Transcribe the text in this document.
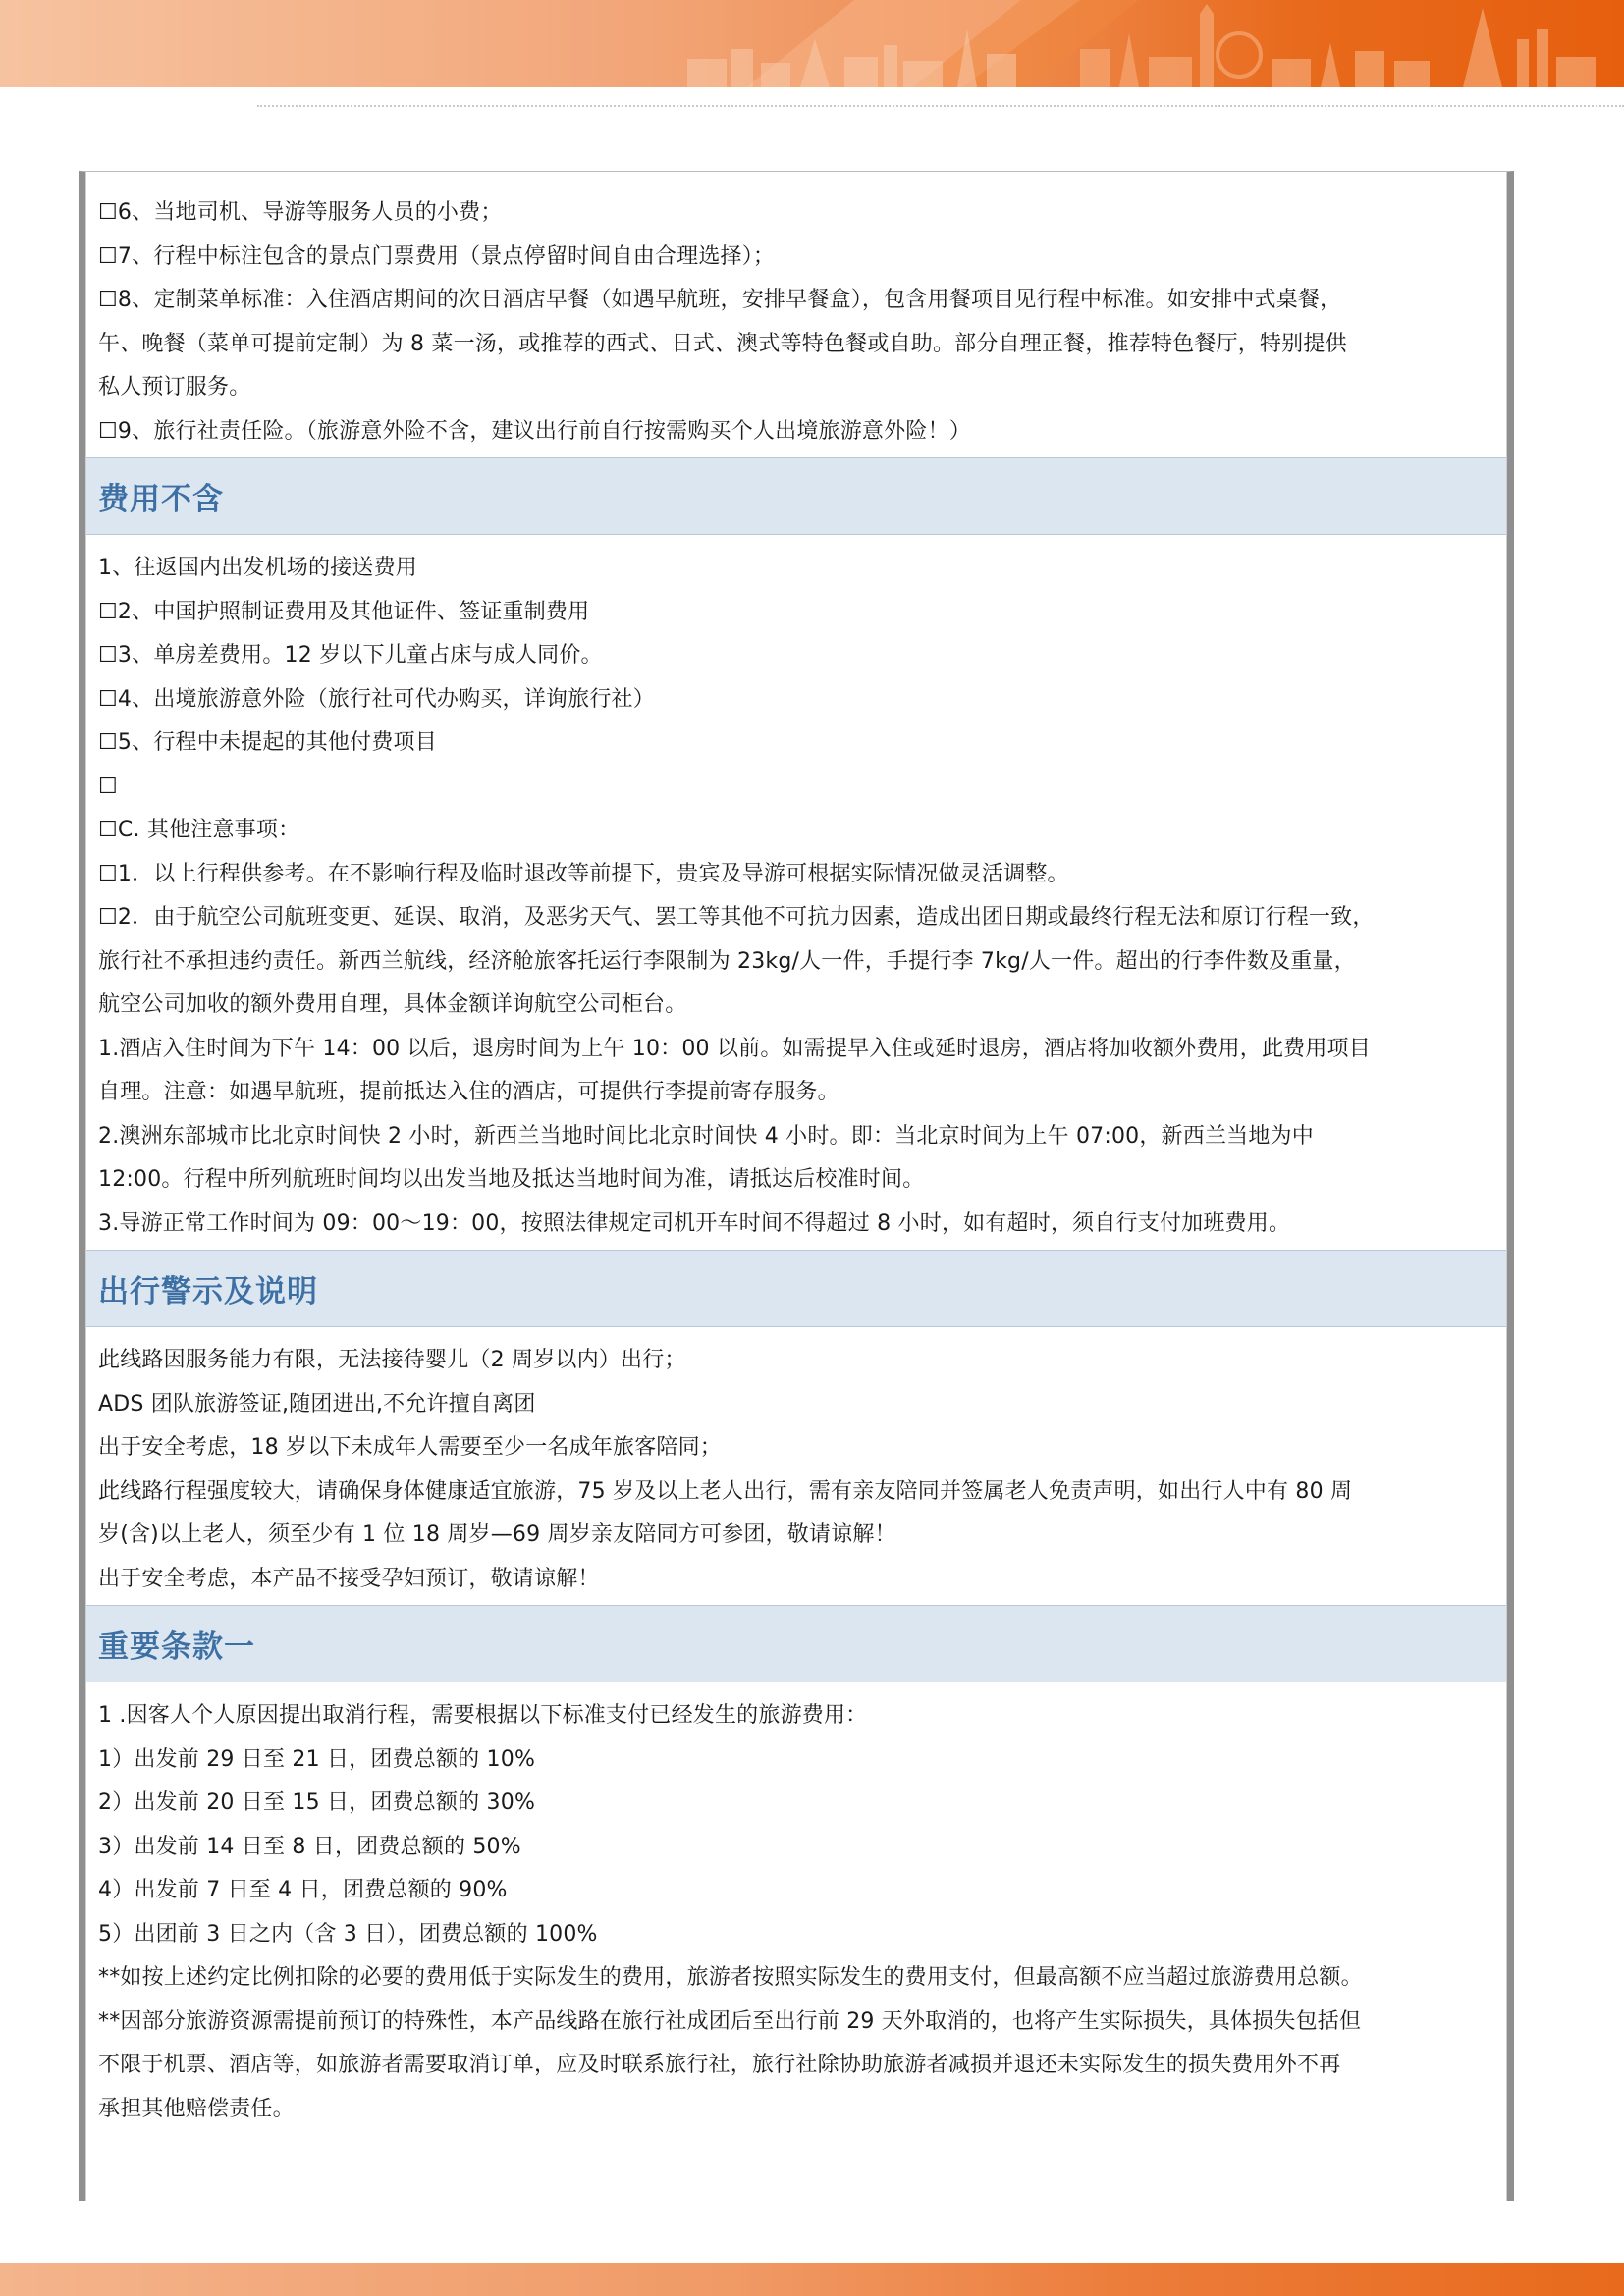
☐6、当地司机、导游等服务人员的小费；
☐7、行程中标注包含的景点门票费用（景点停留时间自由合理选择）；
☐8、定制菜单标准：入住酒店期间的次日酒店早餐（如遇早航班，安排早餐盒），包含用餐项目见行程中标准。如安排中式桌餐，
午、晚餐（菜单可提前定制）为 8 菜一汤，或推荐的西式、日式、澳式等特色餐或自助。部分自理正餐，推荐特色餐厅，特别提供
私人预订服务。
☐9、旅行社责任险。（旅游意外险不含，建议出行前自行按需购买个人出境旅游意外险！）
费用不含
1、往返国内出发机场的接送费用
☐2、中国护照制证费用及其他证件、签证重制费用
☐3、单房差费用。12 岁以下儿童占床与成人同价。
☐4、出境旅游意外险（旅行社可代办购买，详询旅行社）
☐5、行程中未提起的其他付费项目
☐
☐C. 其他注意事项：
☐1．以上行程供参考。在不影响行程及临时退改等前提下，贵宾及导游可根据实际情况做灵活调整。
☐2．由于航空公司航班变更、延误、取消，及恶劣天气、罢工等其他不可抗力因素，造成出团日期或最终行程无法和原订行程一致，
旅行社不承担违约责任。新西兰航线，经济舱旅客托运行李限制为 23kg/人一件，手提行李 7kg/人一件。超出的行李件数及重量，
航空公司加收的额外费用自理，具体金额详询航空公司柜台。
1.酒店入住时间为下午 14：00 以后，退房时间为上午 10：00 以前。如需提早入住或延时退房，酒店将加收额外费用，此费用项目
自理。注意：如遇早航班，提前抵达入住的酒店，可提供行李提前寄存服务。
2.澳洲东部城市比北京时间快 2 小时，新西兰当地时间比北京时间快 4 小时。即：当北京时间为上午 07:00，新西兰当地为中
12:00。行程中所列航班时间均以出发当地及抵达当地时间为准，请抵达后校准时间。
3.导游正常工作时间为 09：00～19：00，按照法律规定司机开车时间不得超过 8 小时，如有超时，须自行支付加班费用。
出行警示及说明
此线路因服务能力有限，无法接待婴儿（2 周岁以内）出行；
ADS 团队旅游签证,随团进出,不允许擅自离团
出于安全考虑，18 岁以下未成年人需要至少一名成年旅客陪同；
此线路行程强度较大，请确保身体健康适宜旅游，75 岁及以上老人出行，需有亲友陪同并签属老人免责声明，如出行人中有 80 周
岁(含)以上老人，须至少有 1 位 18 周岁—69 周岁亲友陪同方可参团，敬请谅解！
出于安全考虑，本产品不接受孕妇预订，敬请谅解！
重要条款一
1 .因客人个人原因提出取消行程，需要根据以下标准支付已经发生的旅游费用：
1）出发前 29 日至 21 日，团费总额的 10%
2）出发前 20 日至 15 日，团费总额的 30%
3）出发前 14 日至 8 日，团费总额的 50%
4）出发前 7 日至 4 日，团费总额的 90%
5）出团前 3 日之内（含 3 日），团费总额的 100%
**如按上述约定比例扣除的必要的费用低于实际发生的费用，旅游者按照实际发生的费用支付，但最高额不应当超过旅游费用总额。
**因部分旅游资源需提前预订的特殊性，本产品线路在旅行社成团后至出行前 29 天外取消的，也将产生实际损失，具体损失包括但
不限于机票、酒店等，如旅游者需要取消订单，应及时联系旅行社，旅行社除协助旅游者减损并退还未实际发生的损失费用外不再
承担其他赔偿责任。
